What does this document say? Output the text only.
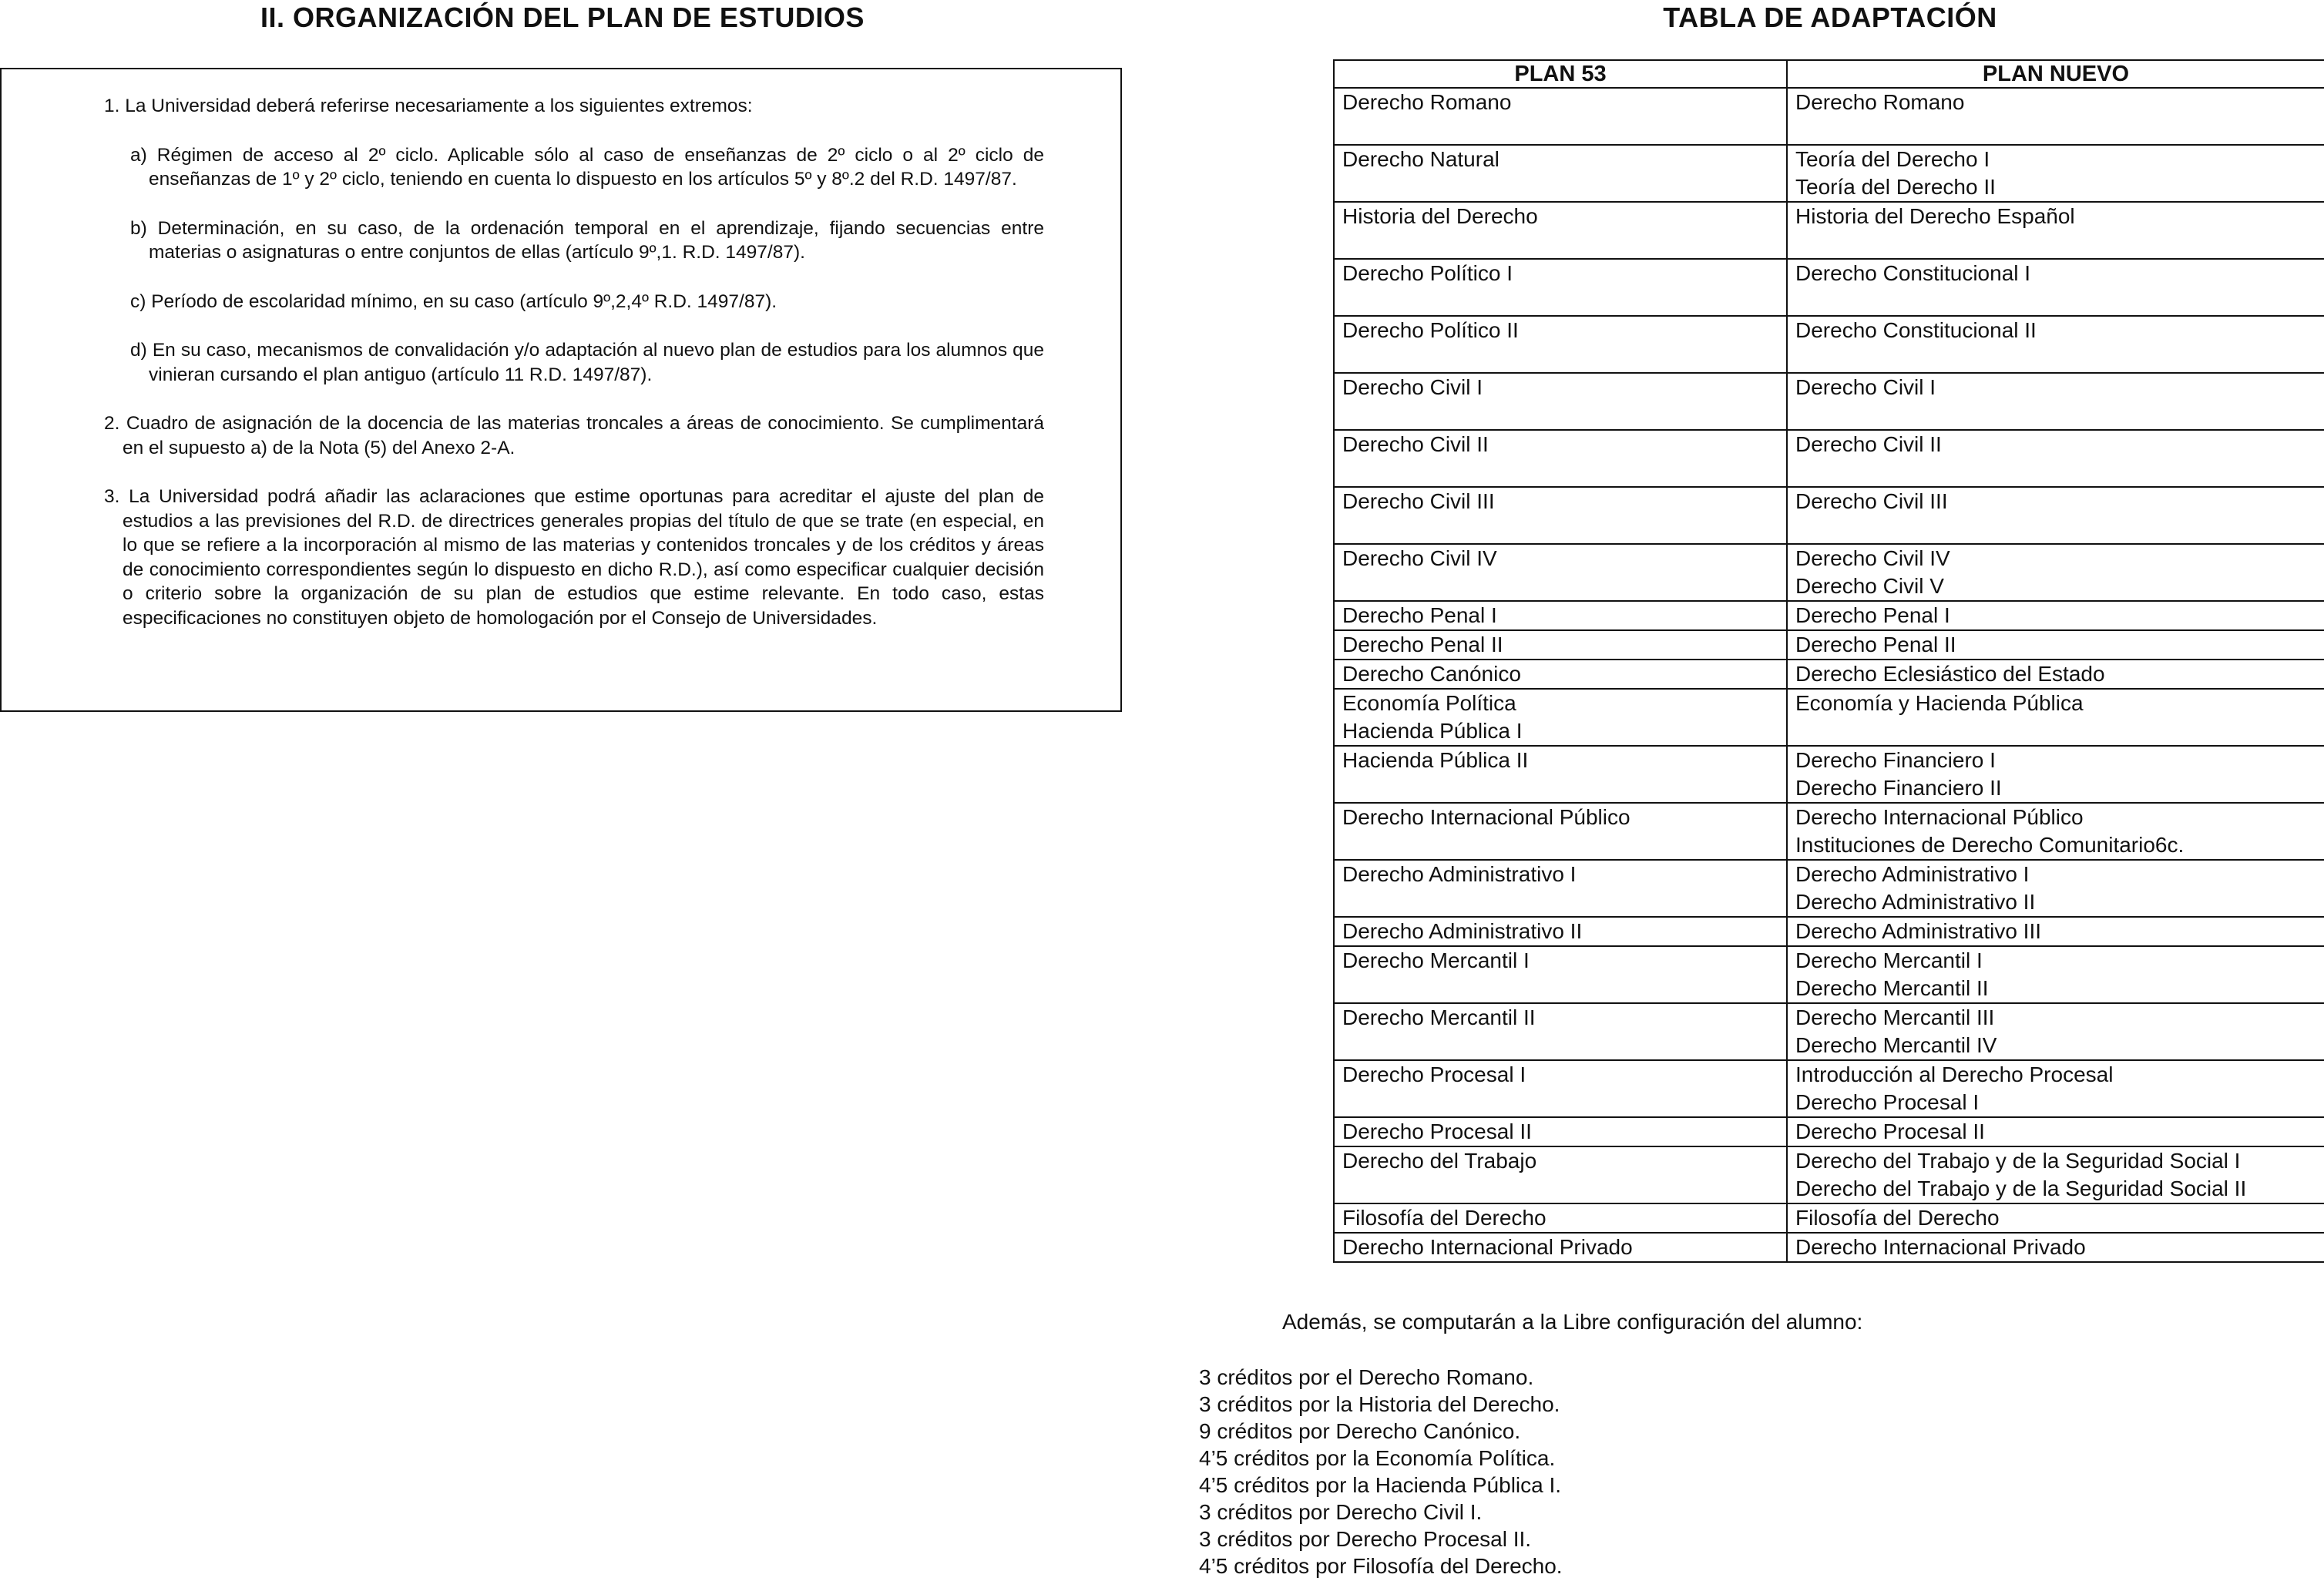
II. ORGANIZACIÓN DEL PLAN DE ESTUDIOS

1. La Universidad deberá referirse necesariamente a los siguientes extremos:

a) Régimen de acceso al 2º ciclo. Aplicable sólo al caso de enseñanzas de 2º ciclo o al 2º ciclo de enseñanzas de 1º y 2º ciclo, teniendo en cuenta lo dispuesto en los artículos 5º y 8º.2 del R.D. 1497/87.

b) Determinación, en su caso, de la ordenación temporal en el aprendizaje, fijando secuencias entre materias o asignaturas o entre conjuntos de ellas (artículo 9º,1. R.D. 1497/87).

c) Período de escolaridad mínimo, en su caso (artículo 9º,2,4º R.D. 1497/87).

d) En su caso, mecanismos de convalidación y/o adaptación al nuevo plan de estudios para los alumnos que vinieran cursando el plan antiguo (artículo 11 R.D. 1497/87).

2. Cuadro de asignación de la docencia de las materias troncales a áreas de conocimiento. Se cumplimentará en el supuesto a) de la Nota (5) del Anexo 2-A.

3. La Universidad podrá añadir las aclaraciones que estime oportunas para acreditar el ajuste del plan de estudios a las previsiones del R.D. de directrices generales propias del título de que se trate (en especial, en lo que se refiere a la incorporación al mismo de las materias y contenidos troncales y de los créditos y áreas de conocimiento correspondientes según lo dispuesto en dicho R.D.), así como especificar cualquier decisión o criterio sobre la organización de su plan de estudios que estime relevante. En todo caso, estas especificaciones no constituyen objeto de homologación por el Consejo de Universidades.

TABLA DE ADAPTACIÓN
PLAN 53	PLAN NUEVO

Derecho Romano	Derecho Romano

Derecho Natural	Teoría del Derecho I
Teoría del Derecho II

Historia del Derecho	Historia del Derecho Español

Derecho Político I	Derecho Constitucional I

Derecho Político II	Derecho Constitucional II

Derecho Civil I	Derecho Civil I

Derecho Civil II	Derecho Civil II

Derecho Civil III	Derecho Civil III

Derecho Civil IV	Derecho Civil IV
Derecho Civil V

Derecho Penal I	Derecho Penal I

Derecho Penal II	Derecho Penal II

Derecho Canónico	Derecho Eclesiástico del Estado

Economía Política
Hacienda Pública I	Economía y Hacienda Pública

Hacienda Pública II	Derecho Financiero I
Derecho Financiero II

Derecho Internacional Público	Derecho Internacional Público
Instituciones de Derecho Comunitario6c.

Derecho Administrativo I	Derecho Administrativo I
Derecho Administrativo II

Derecho Administrativo II	Derecho Administrativo III

Derecho Mercantil I	Derecho Mercantil I
Derecho Mercantil II

Derecho Mercantil II	Derecho Mercantil III
Derecho Mercantil IV

Derecho Procesal I	Introducción al Derecho Procesal
Derecho Procesal I

Derecho Procesal II	Derecho Procesal II

Derecho del Trabajo	Derecho del Trabajo y de la Seguridad Social I
Derecho del Trabajo y de la Seguridad Social II

Filosofía del Derecho	Filosofía del Derecho

Derecho Internacional Privado	Derecho Internacional Privado
Además, se computarán a la Libre configuración del alumno:
3 créditos por el Derecho Romano.
3 créditos por la Historia del Derecho.
9 créditos por Derecho Canónico.
4’5 créditos por la Economía Política.
4’5 créditos por la Hacienda Pública I.
3 créditos por Derecho Civil I.
3 créditos por Derecho Procesal II.
4’5 créditos por Filosofía del Derecho.
